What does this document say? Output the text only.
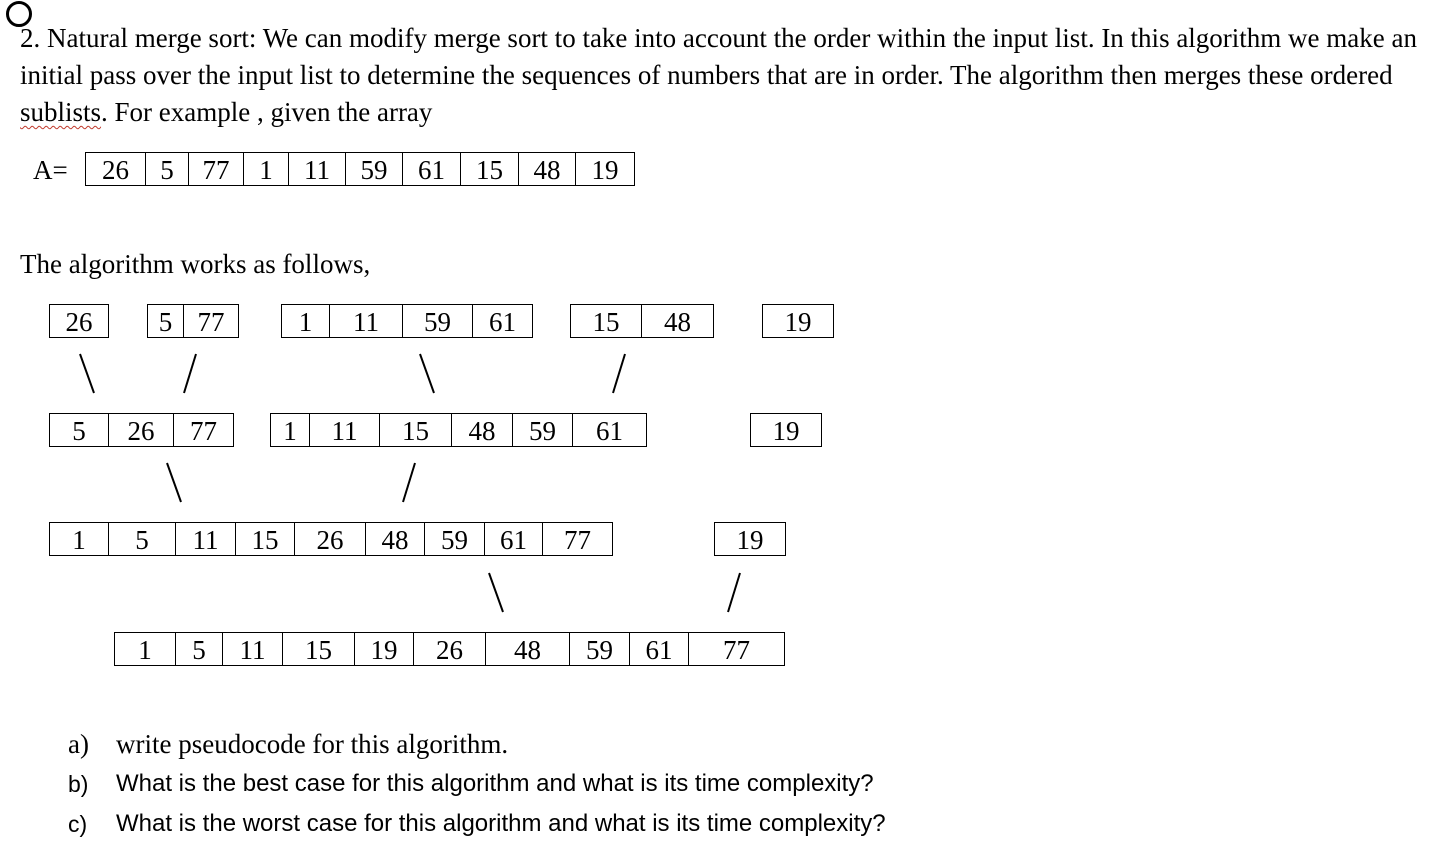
2. Natural merge sort: We can modify merge sort to take into account the order within the input list. In this algorithm we make an initial pass over the input list to determine the sequences of numbers that are in order. The algorithm then merges these ordered sublists. For example , given the array

A=	26	5	77	1	11	59	61	15	48	19

The algorithm works as follows,

26	5 77	1	11	59	61	15	48	19
5	26	77	1	11	15	48	59	61	19
1	5	11	15	26	48	59	61	77	19
1	5	11	15	19	26	48	59	61	77
a)	write pseudocode for this algorithm.
b)	What is the best case for this algorithm and what is its time complexity?
c)	What is the worst case for this algorithm and what is its time complexity?
